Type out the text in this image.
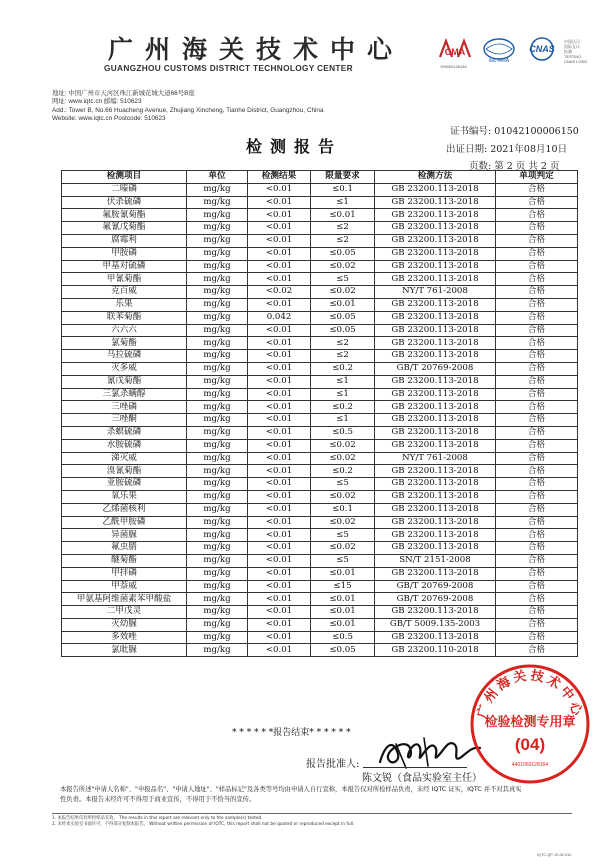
广州海关技术中心
GUANGZHOU CUSTOMS DISTRICT TECHNOLOGY CENTER
CMA
199000128184
ilac-MRA
CNAS
中国认可
国际互认
检测
TESTING
CNAS L0302
地址: 中国广州市天河区珠江新城花城大道66号B座
网址: www.iqtc.cn 邮编: 510623
Add.: Tower B, No.66 Huacheng Avenue, Zhujiang Xincheng, Tianhe District, Guangzhou, China
Website: www.iqtc.cn Postcode: 510623
证书编号: 01042100006150
检测报告	出证日期: 2021年08月10日
页数: 第 2 页 共 2 页
检测项目	单位	检测结果	限量要求	检测方法	单项判定
二嗪磷	mg/kg	<0.01	≤0.1	GB 23200.113-2018	合格
伏杀硫磷	mg/kg	<0.01	≤1	GB 23200.113-2018	合格
氟胺氰菊酯	mg/kg	<0.01	≤0.01	GB 23200.113-2018	合格
氟氰戊菊酯	mg/kg	<0.01	≤2	GB 23200.113-2018	合格
腐霉利	mg/kg	<0.01	≤2	GB 23200.113-2018	合格
甲胺磷	mg/kg	<0.01	≤0.05	GB 23200.113-2018	合格
甲基对硫磷	mg/kg	<0.01	≤0.02	GB 23200.113-2018	合格
甲氰菊酯	mg/kg	<0.01	≤5	GB 23200.113-2018	合格
克百威	mg/kg	<0.02	≤0.02	NY/T 761-2008	合格
乐果	mg/kg	<0.01	≤0.01	GB 23200.113-2018	合格
联苯菊酯	mg/kg	0.042	≤0.05	GB 23200.113-2018	合格
六六六	mg/kg	<0.01	≤0.05	GB 23200.113-2018	合格
氯菊酯	mg/kg	<0.01	≤2	GB 23200.113-2018	合格
马拉硫磷	mg/kg	<0.01	≤2	GB 23200.113-2018	合格
灭多威	mg/kg	<0.01	≤0.2	GB/T 20769-2008	合格
氰戊菊酯	mg/kg	<0.01	≤1	GB 23200.113-2018	合格
三氯杀螨醇	mg/kg	<0.01	≤1	GB 23200.113-2018	合格
三唑磷	mg/kg	<0.01	≤0.2	GB 23200.113-2018	合格
三唑酮	mg/kg	<0.01	≤1	GB 23200.113-2018	合格
杀螟硫磷	mg/kg	<0.01	≤0.5	GB 23200.113-2018	合格
水胺硫磷	mg/kg	<0.01	≤0.02	GB 23200.113-2018	合格
涕灭威	mg/kg	<0.01	≤0.02	NY/T 761-2008	合格
溴氰菊酯	mg/kg	<0.01	≤0.2	GB 23200.113-2018	合格
亚胺硫磷	mg/kg	<0.01	≤5	GB 23200.113-2018	合格
氧乐果	mg/kg	<0.01	≤0.02	GB 23200.113-2018	合格
乙烯菌核利	mg/kg	<0.01	≤0.1	GB 23200.113-2018	合格
乙酰甲胺磷	mg/kg	<0.01	≤0.02	GB 23200.113-2018	合格
异菌脲	mg/kg	<0.01	≤5	GB 23200.113-2018	合格
氟虫腈	mg/kg	<0.01	≤0.02	GB 23200.113-2018	合格
醚菊酯	mg/kg	<0.01	≤5	SN/T 2151-2008	合格
甲拌磷	mg/kg	<0.01	≤0.01	GB 23200.113-2018	合格
甲萘威	mg/kg	<0.01	≤15	GB/T 20769-2008	合格
甲氨基阿维菌素苯甲酸盐	mg/kg	<0.01	≤0.01	GB/T 20769-2008	合格
二甲戊灵	mg/kg	<0.01	≤0.01	GB 23200.113-2018	合格
灭幼脲	mg/kg	<0.01	≤0.01	GB/T 5009.135-2003	合格
多效唑	mg/kg	<0.01	≤0.5	GB 23200.113-2018	合格
氯吡脲	mg/kg	<0.01	≤0.05	GB 23200.110-2018	合格
* * * * * *报告结束* * * * * *
报告批准人:
陈文锐（食品实验室主任）
广州海关技术中心
检验检测专用章
(04)
4401060128164
本报告所述"申请人名称"、"申报品名"、"申请人地址"、"样品标记"及各类等号均由申请人自行宣称，本报告仅对所检样品负责，未经 IQTC 证实，IQTC 并不对其真实
性负责。本报告未经许可不得用于商业宣传，不得用于不恰当的宣传。
1. 本报告结果仅对所检样品有效。 The results in this report are relevant only to the sample(s) tested.
2. 未经本实验室书面许可，不得部分复制本报告。 Without written permission of IQTC, this report shall not be quoted or reproduced except in full.
IQTC-QP-10-02-010
